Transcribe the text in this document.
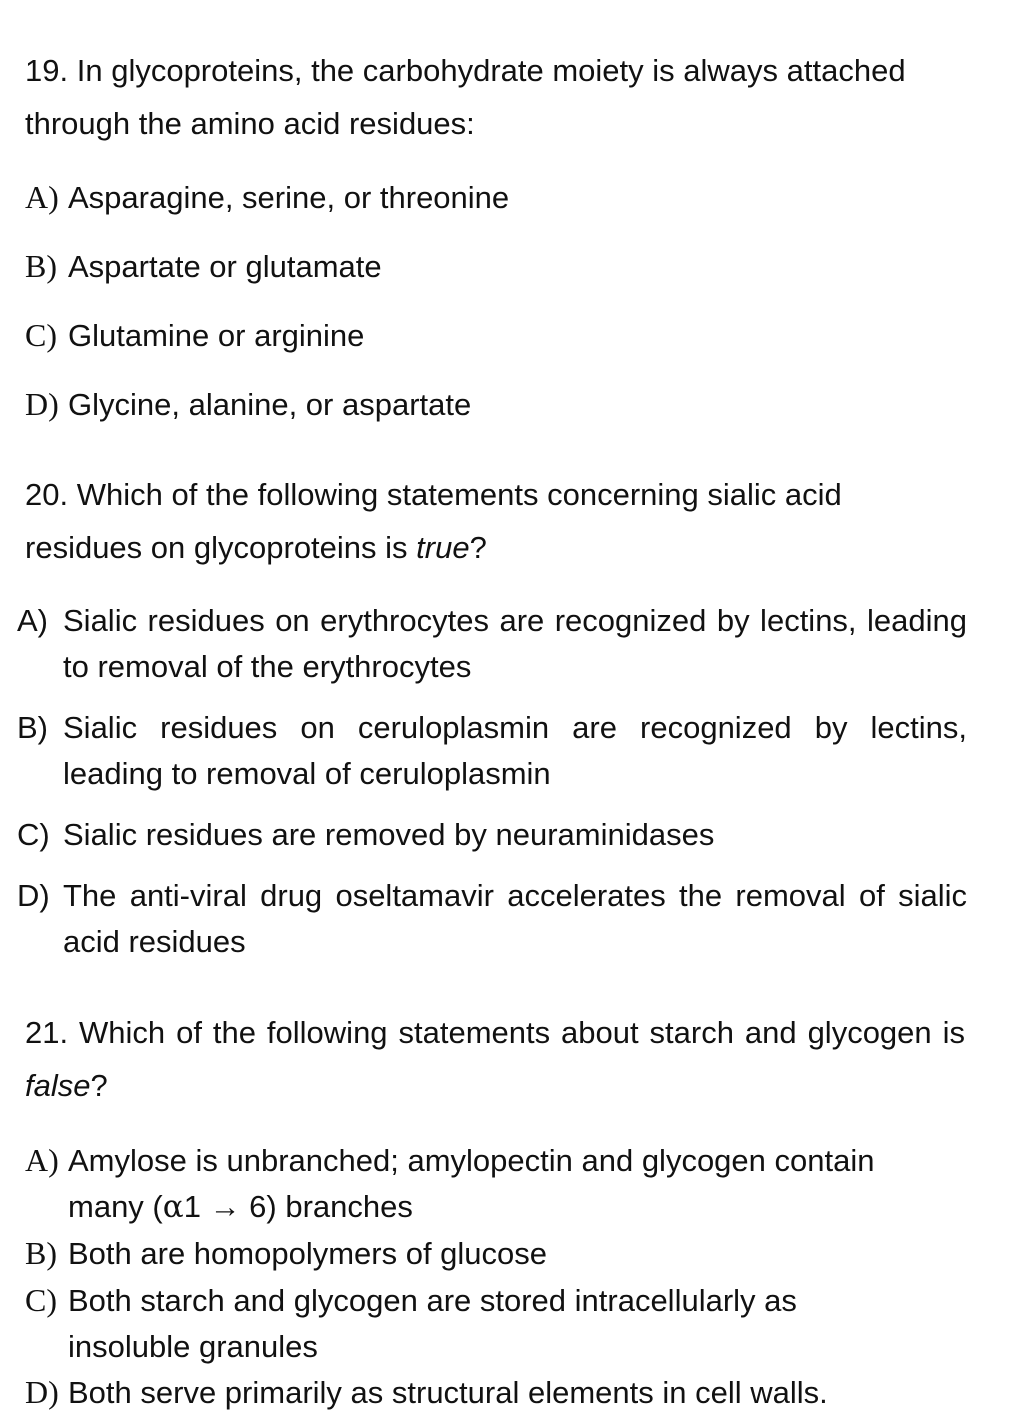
19. In glycoproteins, the carbohydrate moiety is always attached through the amino acid residues:
A) Asparagine, serine, or threonine
B) Aspartate or glutamate
C) Glutamine or arginine
D) Glycine, alanine, or aspartate
20. Which of the following statements concerning sialic acid residues on glycoproteins is true?
A) Sialic residues on erythrocytes are recognized by lectins, leading to removal of the erythrocytes
B) Sialic residues on ceruloplasmin are recognized by lectins, leading to removal of ceruloplasmin
C) Sialic residues are removed by neuraminidases
D) The anti-viral drug oseltamavir accelerates the removal of sialic acid residues
21. Which of the following statements about starch and glycogen is false?
A) Amylose is unbranched; amylopectin and glycogen contain
many (α1 → 6) branches
B) Both are homopolymers of glucose
C) Both starch and glycogen are stored intracellularly as insoluble granules
D) Both serve primarily as structural elements in cell walls.
